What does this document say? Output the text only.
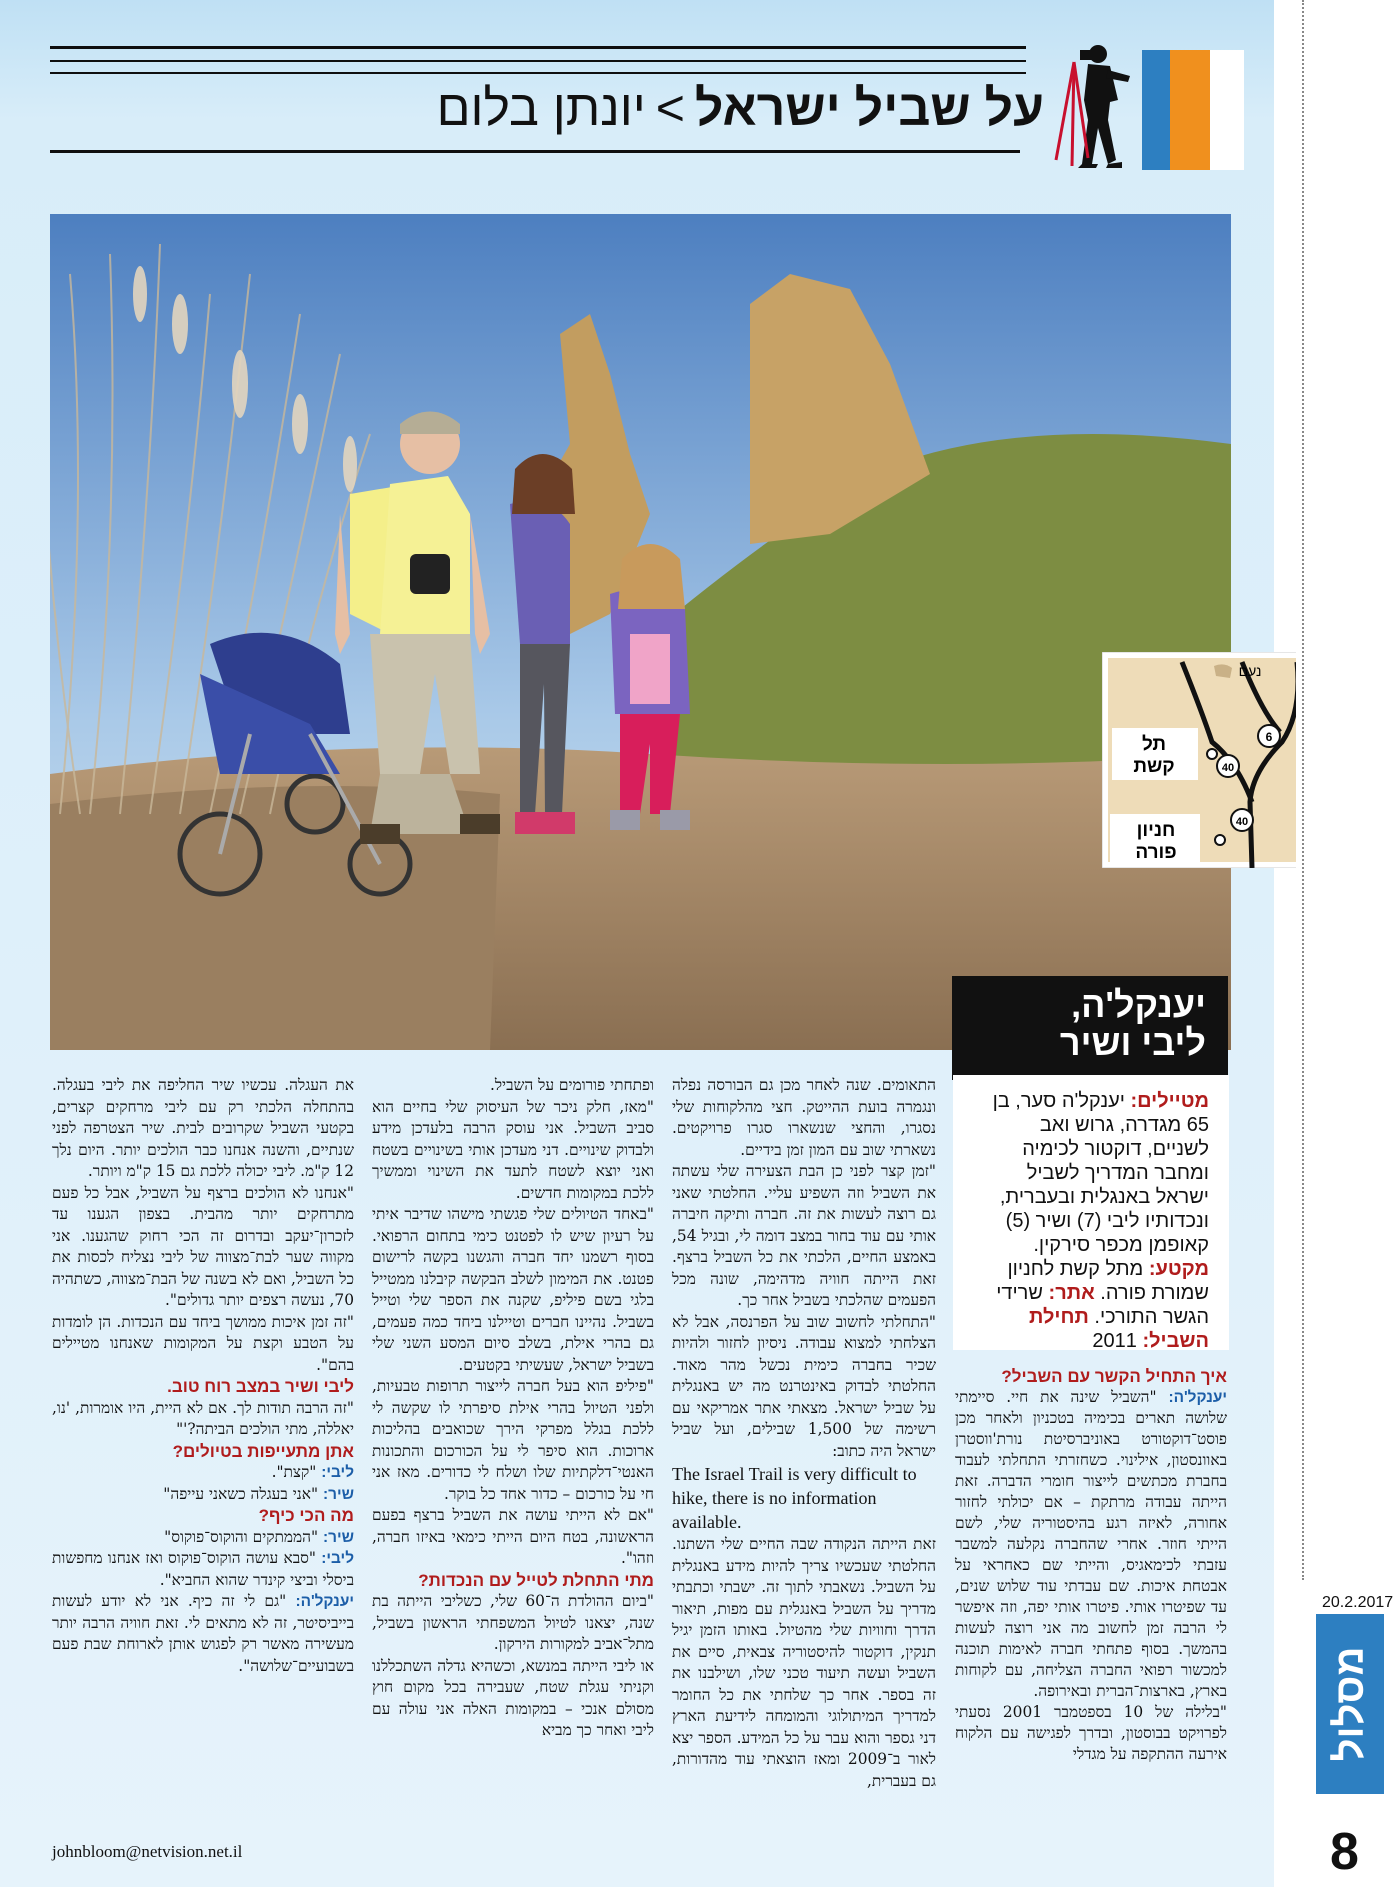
על שביל ישראל>יונתן בלום
יענקל'ה,
ליבי ושיר
6
40
40
נעם
תל קשת
חניון פורה
מטיילים: יענקל'ה סער, בן 65 מגדרה, גרוש ואב לשניים, דוקטור לכימיה ומחבר המדריך לשביל ישראל באנגלית ובעברית, ונכדותיו ליבי (7) ושיר (5) קאופמן מכפר סירקין. מקטע: מתל קשת לחניון שמורת פורה. אתר: שרידי הגשר התורכי. תחילת השביל: 2011
איך התחיל הקשר עם השביל?

יענקל'ה: "השביל שינה את חיי. סיימתי שלושה תארים בכימיה בטכניון ולאחר מכן פוסט־דוקטורט באוניברסיטת נורת'ווסטרן באוונסטון, אילינוי. כשחזרתי התחלתי לעבוד בחברת מכתשים לייצור חומרי הדברה. זאת הייתה עבודה מרתקת – אם יכולתי לחזור אחורה, לאיזה רגע בהיסטוריה שלי, לשם הייתי חוזר. אחרי שהחברה נקלעה למשבר עזבתי לכימאגיס, והייתי שם כאחראי על אבטחת איכות. שם עבדתי עוד שלוש שנים, עד שפיטרו אותי. פיטרו אותי יפה, וזה איפשר לי הרבה זמן לחשוב מה אני רוצה לעשות בהמשך. בסוף פתחתי חברה לאימות תוכנה למכשור רפואי החברה הצליחה, עם לקוחות בארץ, בארצות־הברית ובאירופה.

"בלילה של 10 בספטמבר 2001 נסעתי לפרויקט בבוסטון, ובדרך לפגישה עם הלקוח אירעה ההתקפה על מגדלי

התאומים. שנה לאחר מכן גם הבורסה נפלה ונגמרה בועת ההייטק. חצי מהלקוחות שלי נסגרו, והחצי שנשארו סגרו פרויקטים. נשארתי שוב עם המון זמן בידיים.

"זמן קצר לפני כן הבת הצעירה שלי עשתה את השביל וזה השפיע עליי. החלטתי שאני גם רוצה לעשות את זה. חברה ותיקה חיברה אותי עם עוד בחור במצב דומה לי, ובגיל 54, באמצע החיים, הלכתי את כל השביל ברצף. זאת הייתה חוויה מדהימה, שונה מכל הפעמים שהלכתי בשביל אחר כך.

"התחלתי לחשוב שוב על הפרנסה, אבל לא הצלחתי למצוא עבודה. ניסיון לחזור ולהיות שכיר בחברה כימית נכשל מהר מאוד. החלטתי לבדוק באינטרנט מה יש באנגלית על שביל ישראל. מצאתי אתר אמריקאי עם רשימה של 1,500 שבילים, ועל שביל ישראל היה כתוב:

The Israel Trail is very difficult to hike, there is no information available.

זאת הייתה הנקודה שבה החיים שלי השתנו. החלטתי שעכשיו צריך להיות מידע באנגלית על השביל. נשאבתי לתוך זה. ישבתי וכתבתי מדריך על השביל באנגלית עם מפות, תיאור הדרך וחוויות שלי מהטיול. באותו הזמן יגיל תנקין, דוקטור להיסטוריה צבאית, סיים את השביל ועשה תיעוד טכני שלו, ושילבנו את זה בספר. אחר כך שלחתי את כל החומר למדריך המיתולוגי והמומחה לידיעת הארץ דני גספר והוא עבר על כל המידע. הספר יצא לאור ב־2009 ומאז הוצאתי עוד מהדורות, גם בעברית,

ופתחתי פורומים על השביל.

"מאז, חלק ניכר של העיסוק שלי בחיים הוא סביב השביל. אני עוסק הרבה בלעדכן מידע ולבדוק שינויים. דני מעדכן אותי בשינויים בשטח ואני יוצא לשטח לתעד את השינוי וממשיך ללכת במקומות חדשים.

"באחד הטיולים שלי פגשתי מישהו שדיבר איתי על רעיון שיש לו לפטנט כימי בתחום הרפואי. בסוף רשמנו יחד חברה והגשנו בקשה לרישום פטנט. את המימון לשלב הבקשה קיבלנו ממטייל בלגי בשם פיליפ, שקנה את הספר שלי וטייל בשביל. נהיינו חברים וטיילנו ביחד כמה פעמים, גם בהרי אילת, בשלב סיום המסע השני שלי בשביל ישראל, שעשיתי בקטעים.

"פיליפ הוא בעל חברה לייצור תרופות טבעיות, ולפני הטיול בהרי אילת סיפרתי לו שקשה לי ללכת בגלל מפרקי הירך שכואבים בהליכות ארוכות. הוא סיפר לי על הכורכום והתכונות האנטי־דלקתיות שלו ושלח לי כדורים. מאז אני חי על כורכום – כדור אחד כל בוקר.

"אם לא הייתי עושה את השביל ברצף בפעם הראשונה, בטח היום הייתי כימאי באיזו חברה, וזהו".

מתי התחלת לטייל עם הנכדות?

"ביום ההולדת ה־60 שלי, כשליבי הייתה בת שנה, יצאנו לטיול המשפחתי הראשון בשביל, מתל־אביב למקורות הירקון.

או ליבי הייתה במנשא, וכשהיא גדלה השתכללנו וקניתי עגלת שטח, שעבירה בכל מקום חוץ מסולם אנכי – במקומות האלה אני עולה עם ליבי ואחר כך מביא

את העגלה. עכשיו שיר החליפה את ליבי בעגלה. בהתחלה הלכתי רק עם ליבי מרחקים קצרים, בקטעי השביל שקרובים לבית. שיר הצטרפה לפני שנתיים, והשנה אנחנו כבר הולכים יותר. היום נלך 12 ק"מ. ליבי יכולה ללכת גם 15 ק"מ ויותר.

"אנחנו לא הולכים ברצף על השביל, אבל כל פעם מתרחקים יותר מהבית. בצפון הגענו עד לזכרון־יעקב ובדרום זה הכי רחוק שהגענו. אני מקווה שער לבת־מצווה של ליבי נצליח לכסות את כל השביל, ואם לא בשנה של הבת־מצווה, כשתהיה 70, נעשה רצפים יותר גדולים".

"זה זמן איכות ממושך ביחד עם הנכדות. הן לומדות על הטבע וקצת על המקומות שאנחנו מטיילים בהם".

ליבי ושיר במצב רוח טוב.

"זה הרבה תודות לך. אם לא היית, היו אומרות, 'נו, יאללה, מתי הולכים הביתה?'"

אתן מתעייפות בטיולים?

ליבי: "קצת".

שיר: "אני בעגלה כשאני עייפה"

מה הכי כיף?

שיר: "הממתקים והוקוס־פוקוס"

ליבי: "סבא עושה הוקוס־פוקוס ואז אנחנו מחפשות ביסלי וביצי קינדר שהוא החביא".

יענקל'ה: "גם לי זה כיף. אני לא יודע לעשות בייביסיטר, זה לא מתאים לי. זאת חוויה הרבה יותר מעשירה מאשר רק לפגוש אותן לארוחת שבת פעם בשבועיים־שלושה".

johnbloom@netvision.net.il
20.2.2017
מסלול
8
